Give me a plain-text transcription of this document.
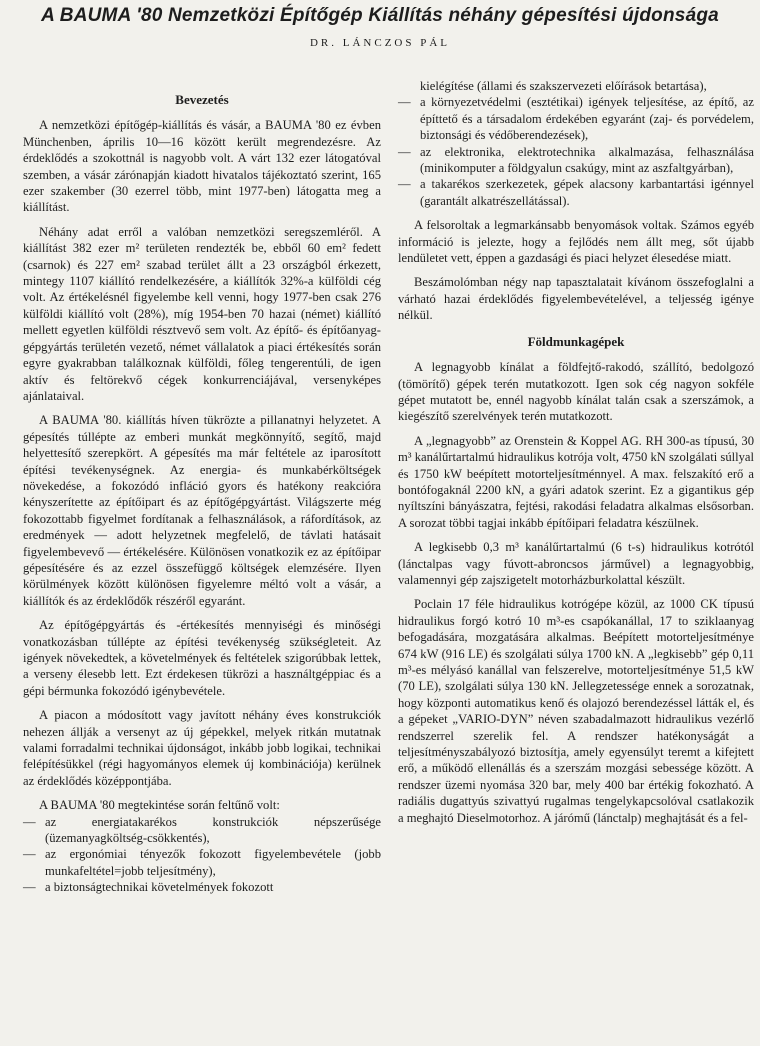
A BAUMA '80 Nemzetközi Építőgép Kiállítás néhány gépesítési újdonsága
DR. LÁNCZOS PÁL
Bevezetés

A nemzetközi építőgép-kiállítás és vásár, a BAUMA '80 ez évben Münchenben, április 10—16 között került megrendezésre. Az érdeklődés a szokottnál is nagyobb volt. A várt 132 ezer látogatóval szemben, a vásár zárónapján kiadott hivatalos tájékoztató szerint, 165 ezer szakember (30 ezerrel több, mint 1977-ben) látogatta meg a kiállítást.

Néhány adat erről a valóban nemzetközi seregszemléről. A kiállítást 382 ezer m² területen rendezték be, ebből 60 em² fedett (csarnok) és 227 em² szabad terület állt a 23 országból érkezett, mintegy 1107 kiállító rendelkezésére, a kiállítók 32%-a külföldi cég volt. Az értékelésnél figyelembe kell venni, hogy 1977-ben csak 276 külföldi kiállító volt (28%), míg 1954-ben 70 hazai (német) kiállító mellett egyetlen külföldi résztvevő sem volt. Az építő- és építőanyag-gépgyártás területén vezető, német vállalatok a piaci értékesítés során egyre gyakrabban találkoznak külföldi, főleg tengerentúli, de igen aktív és feltörekvő cégek konkurrenciájával, versenyképes ajánlataival.

A BAUMA '80. kiállítás híven tükrözte a pillanatnyi helyzetet. A gépesítés túllépte az emberi munkát megkönnyítő, segítő, majd helyettesítő szerepkört. A gépesítés ma már feltétele az iparosított építési tevékenységnek. Az energia- és munkabérköltségek növekedése, a fokozódó infláció gyors és hatékony reakcióra kényszerítette az építőipart és az építőgépgyártást. Világszerte még fokozottabb figyelmet fordítanak a felhasználások, a ráfordítások, az eredmények — adott helyzetnek megfelelő, de távlati hatásait figyelembevevő — értékelésére. Különösen vonatkozik ez az építőipar gépesítésére és az ezzel összefüggő költségek elemzésére. Ilyen körülmények között különösen figyelemre méltó volt a vásár, a kiállítók és az érdeklődők részéről egyaránt.

Az építőgépgyártás és -értékesítés mennyiségi és minőségi vonatkozásban túllépte az építési tevékenység szükségleteit. Az igények növekedtek, a követelmények és feltételek szigorúbbak lettek, a verseny élesebb lett. Ezt érdekesen tükrözi a használtgéppiac és a gépi bérmunka fokozódó igénybevétele.

A piacon a módosított vagy javított néhány éves konstrukciók nehezen állják a versenyt az új gépekkel, melyek ritkán mutatnak valami forradalmi technikai újdonságot, inkább jobb logikai, technikai felépítésükkel (régi hagyományos elemek új kombinációja) kerülnek az érdeklődés középpontjába.

A BAUMA '80 megtekintése során feltűnő volt:

— az energiatakarékos konstrukciók népszerűsége (üzemanyagköltség-csökkentés),
— az ergonómiai tényezők fokozott figyelembevétele (jobb munkafeltétel=jobb teljesítmény),
— a biztonságtechnikai követelmények fokozott
kielégítése (állami és szakszervezeti előírások betartása),
— a környezetvédelmi (esztétikai) igények teljesítése, az építő, az építtető és a társadalom érdekében egyaránt (zaj- és porvédelem, biztonsági és védőberendezések),
— az elektronika, elektrotechnika alkalmazása, felhasználása (minikomputer a földgyalun csakúgy, mint az aszfaltgyárban),
— a takarékos szerkezetek, gépek alacsony karbantartási igénnyel (garantált alkatrészellátással).

A felsoroltak a legmarkánsabb benyomások voltak. Számos egyéb információ is jelezte, hogy a fejlődés nem állt meg, sőt újabb lendületet vett, éppen a gazdasági és piaci helyzet élesedése miatt.

Beszámolómban négy nap tapasztalatait kívánom összefoglalni a várható hazai érdeklődés figyelembevételével, a teljesség igénye nélkül.

Földmunkagépek

A legnagyobb kínálat a földfejtő-rakodó, szállító, bedolgozó (tömörítő) gépek terén mutatkozott. Igen sok cég nagyon sokféle gépet mutatott be, ennél nagyobb kínálat talán csak a szerszámok, a kiegészítő szerelvények terén mutatkozott.

A „legnagyobb” az Orenstein & Koppel AG. RH 300-as típusú, 30 m³ kanálűrtartalmú hidraulikus kotrója volt, 4750 kN szolgálati súllyal és 1750 kW beépített motorteljesítménnyel. A max. felszakító erő a bontófogaknál 2200 kN, a gyári adatok szerint. Ez a gigantikus gép nyíltszíni bányászatra, fejtési, rakodási feladatra alkalmas elsősorban. A sorozat többi tagjai inkább építőipari feladatra készülnek.

A legkisebb 0,3 m³ kanálűrtartalmú (6 t-s) hidraulikus kotrótól (lánctalpas vagy fúvott-abroncsos járművel) a legnagyobbig, valamennyi gép zajszigetelt motorházburkolattal készült.

Poclain 17 féle hidraulikus kotrógépe közül, az 1000 CK típusú hidraulikus forgó kotró 10 m³-es csapókanállal, 17 to sziklaanyag befogadására, mozgatására alkalmas. Beépített motorteljesítménye 674 kW (916 LE) és szolgálati súlya 1700 kN. A „legkisebb” gép 0,11 m³-es mélyásó kanállal van felszerelve, motorteljesítménye 51,5 kW (70 LE), szolgálati súlya 130 kN. Jellegzetessége ennek a sorozatnak, hogy központi automatikus kenő és olajozó berendezéssel látták el, és a gépeket „VARIO-DYN” néven szabadalmazott hidraulikus vezérlő rendszerrel szerelik fel. A rendszer hatékonyságát a teljesítményszabályozó biztosítja, amely egyensúlyt teremt a kifejtett erő, a működő ellenállás és a szerszám mozgási sebessége között. A rendszer üzemi nyomása 320 bar, mely 400 bar értékig fokozható. A radiális dugattyús szivattyú rugalmas tengelykapcsolóval csatlakozik a meghajtó Dieselmotorhoz. A járómű (lánctalp) meghajtását és a fel-
